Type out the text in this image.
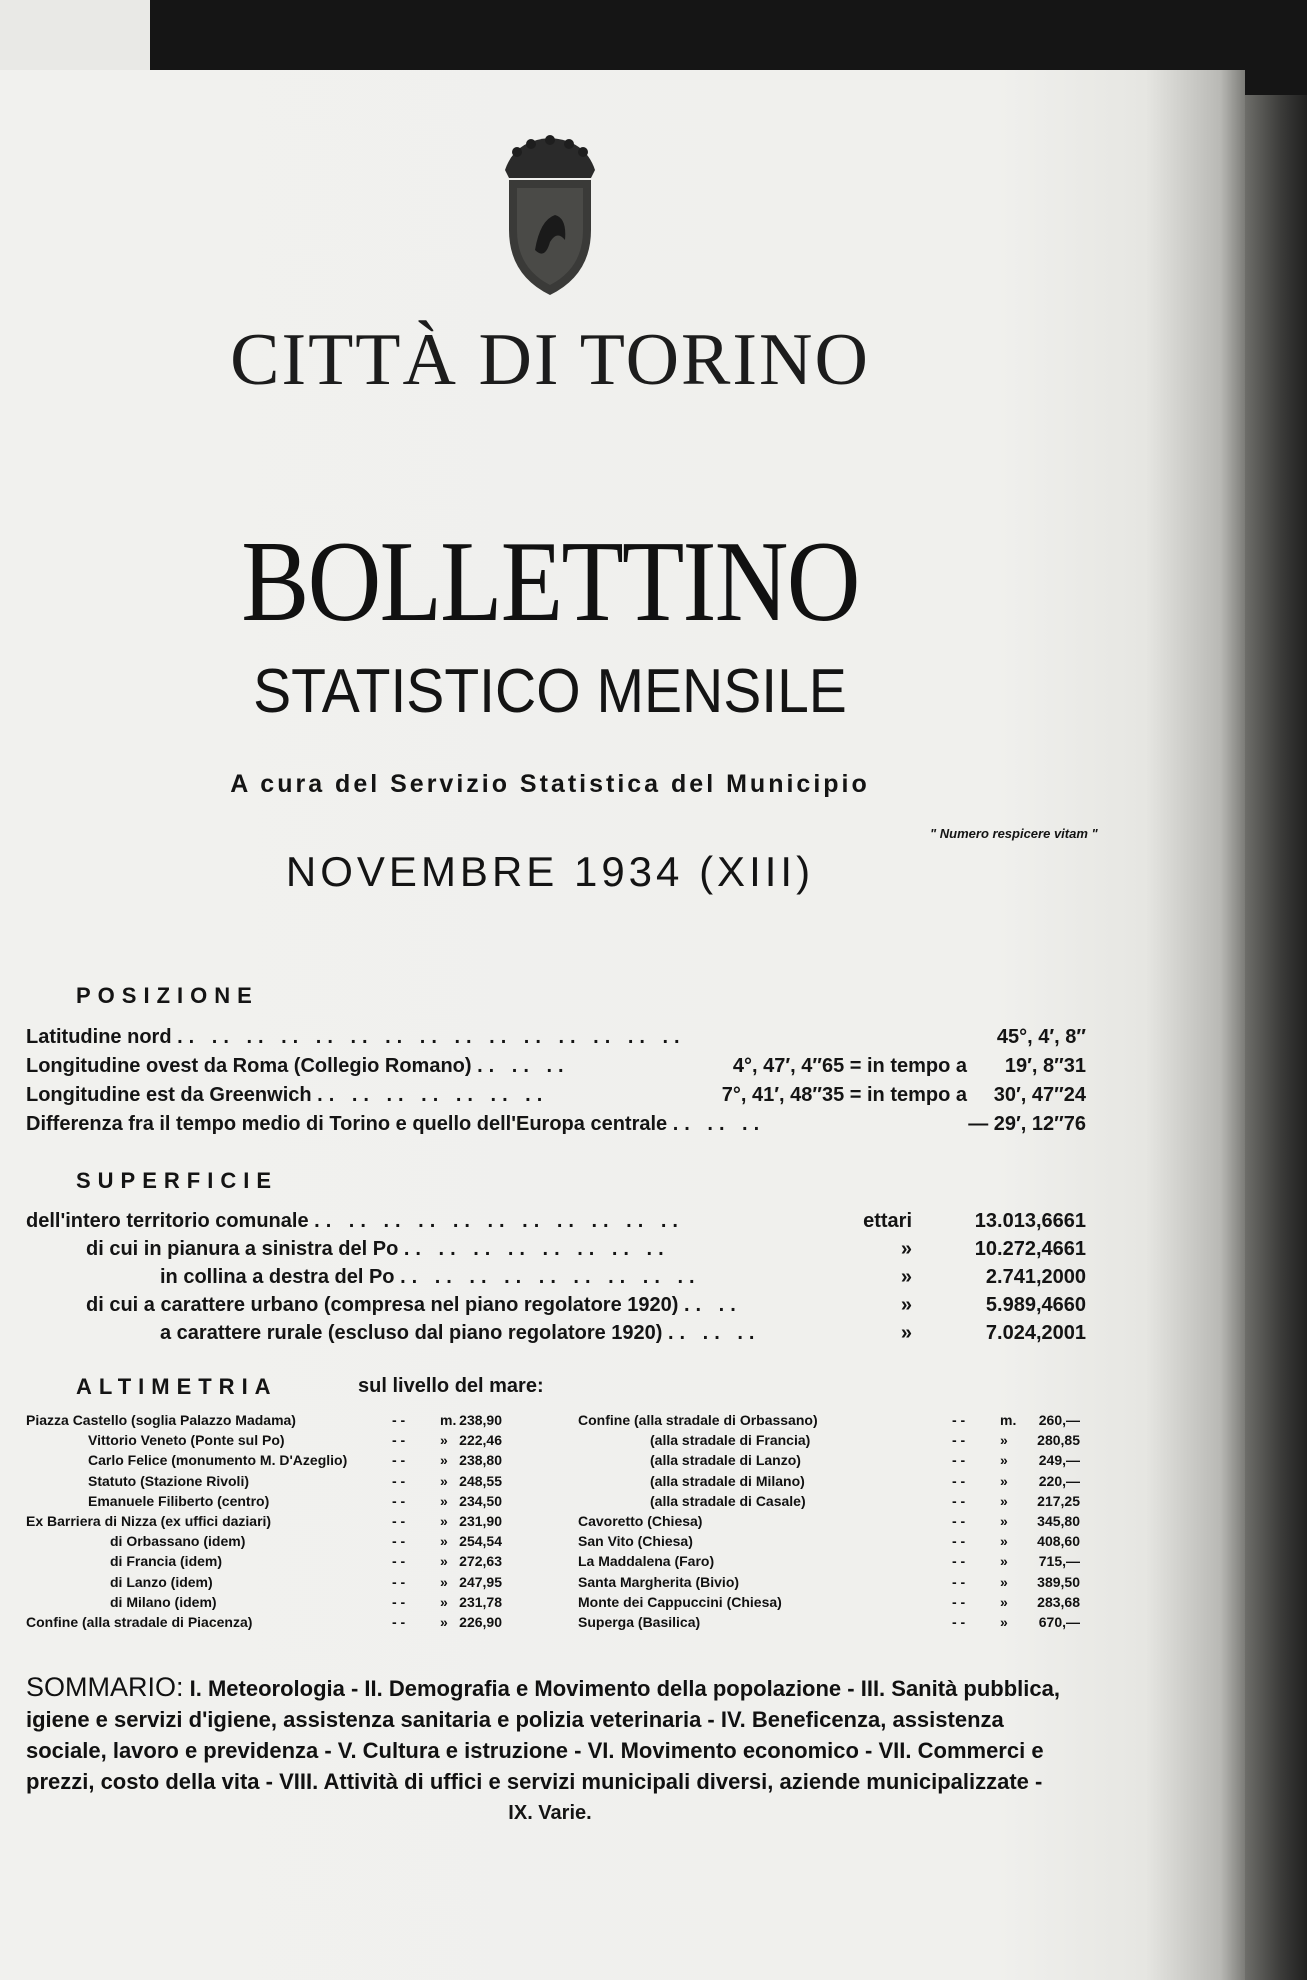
CITTÀ DI TORINO
BOLLETTINO
STATISTICO MENSILE
A cura del Servizio Statistica del Municipio
" Numero respicere vitam "
NOVEMBRE 1934 (XIII)
POSIZIONE
Latitudine nord .. .. .. .. .. .. .. .. .. .. .. .. .. .. ..	45°, 4′, 8″
Longitudine ovest da Roma (Collegio Romano) .. .. ..	4°, 47′, 4″65 = in tempo a 19′, 8″31
Longitudine est da Greenwich .. .. .. .. .. .. ..	7°, 41′, 48″35 = in tempo a 30′, 47″24
Differenza fra il tempo medio di Torino e quello dell'Europa centrale .. .. ..	— 29′, 12″76
SUPERFICIE
dell'intero territorio comunale .. .. .. .. .. .. .. .. .. .. ..	ettari	13.013,6661
di cui in pianura a sinistra del Po .. .. .. .. .. .. .. ..	»	10.272,4661
in collina a destra del Po .. .. .. .. .. .. .. .. ..	»	2.741,2000
di cui a carattere urbano (compresa nel piano regolatore 1920) .. ..	»	5.989,4660
a carattere rurale (escluso dal piano regolatore 1920) .. .. ..	»	7.024,2001
ALTIMETRIA	sul livello del mare:
Piazza Castello (soglia Palazzo Madama)	- - m. 238,90
Vittorio Veneto (Ponte sul Po)	- - » 222,46
Carlo Felice (monumento M. D'Azeglio)	- - » 238,80
Statuto (Stazione Rivoli)	- - » 248,55
Emanuele Filiberto (centro)	- - » 234,50
Ex Barriera di Nizza (ex uffici daziari)	- - » 231,90
di Orbassano (idem)	- - » 254,54
di Francia (idem)	- - » 272,63
di Lanzo (idem)	- - » 247,95
di Milano (idem)	- - » 231,78
Confine (alla stradale di Piacenza)	- - » 226,90
Confine (alla stradale di Orbassano)	- - m. 260,—
(alla stradale di Francia)	- - » 280,85
(alla stradale di Lanzo)	- - » 249,—
(alla stradale di Milano)	- - » 220,—
(alla stradale di Casale)	- - » 217,25
Cavoretto (Chiesa)	- - » 345,80
San Vito (Chiesa)	- - » 408,60
La Maddalena (Faro)	- - » 715,—
Santa Margherita (Bivio)	- - » 389,50
Monte dei Cappuccini (Chiesa)	- - » 283,68
Superga (Basilica)	- - » 670,—
SOMMARIO: I. Meteorologia - II. Demografia e Movimento della popolazione - III. Sanità pubblica, igiene e servizi d'igiene, assistenza sanitaria e polizia veterinaria - IV. Beneficenza, assistenza sociale, lavoro e previdenza - V. Cultura e istruzione - VI. Movimento economico - VII. Commerci e prezzi, costo della vita - VIII. Attività di uffici e servizi municipali diversi, aziende municipalizzate -
IX. Varie.
